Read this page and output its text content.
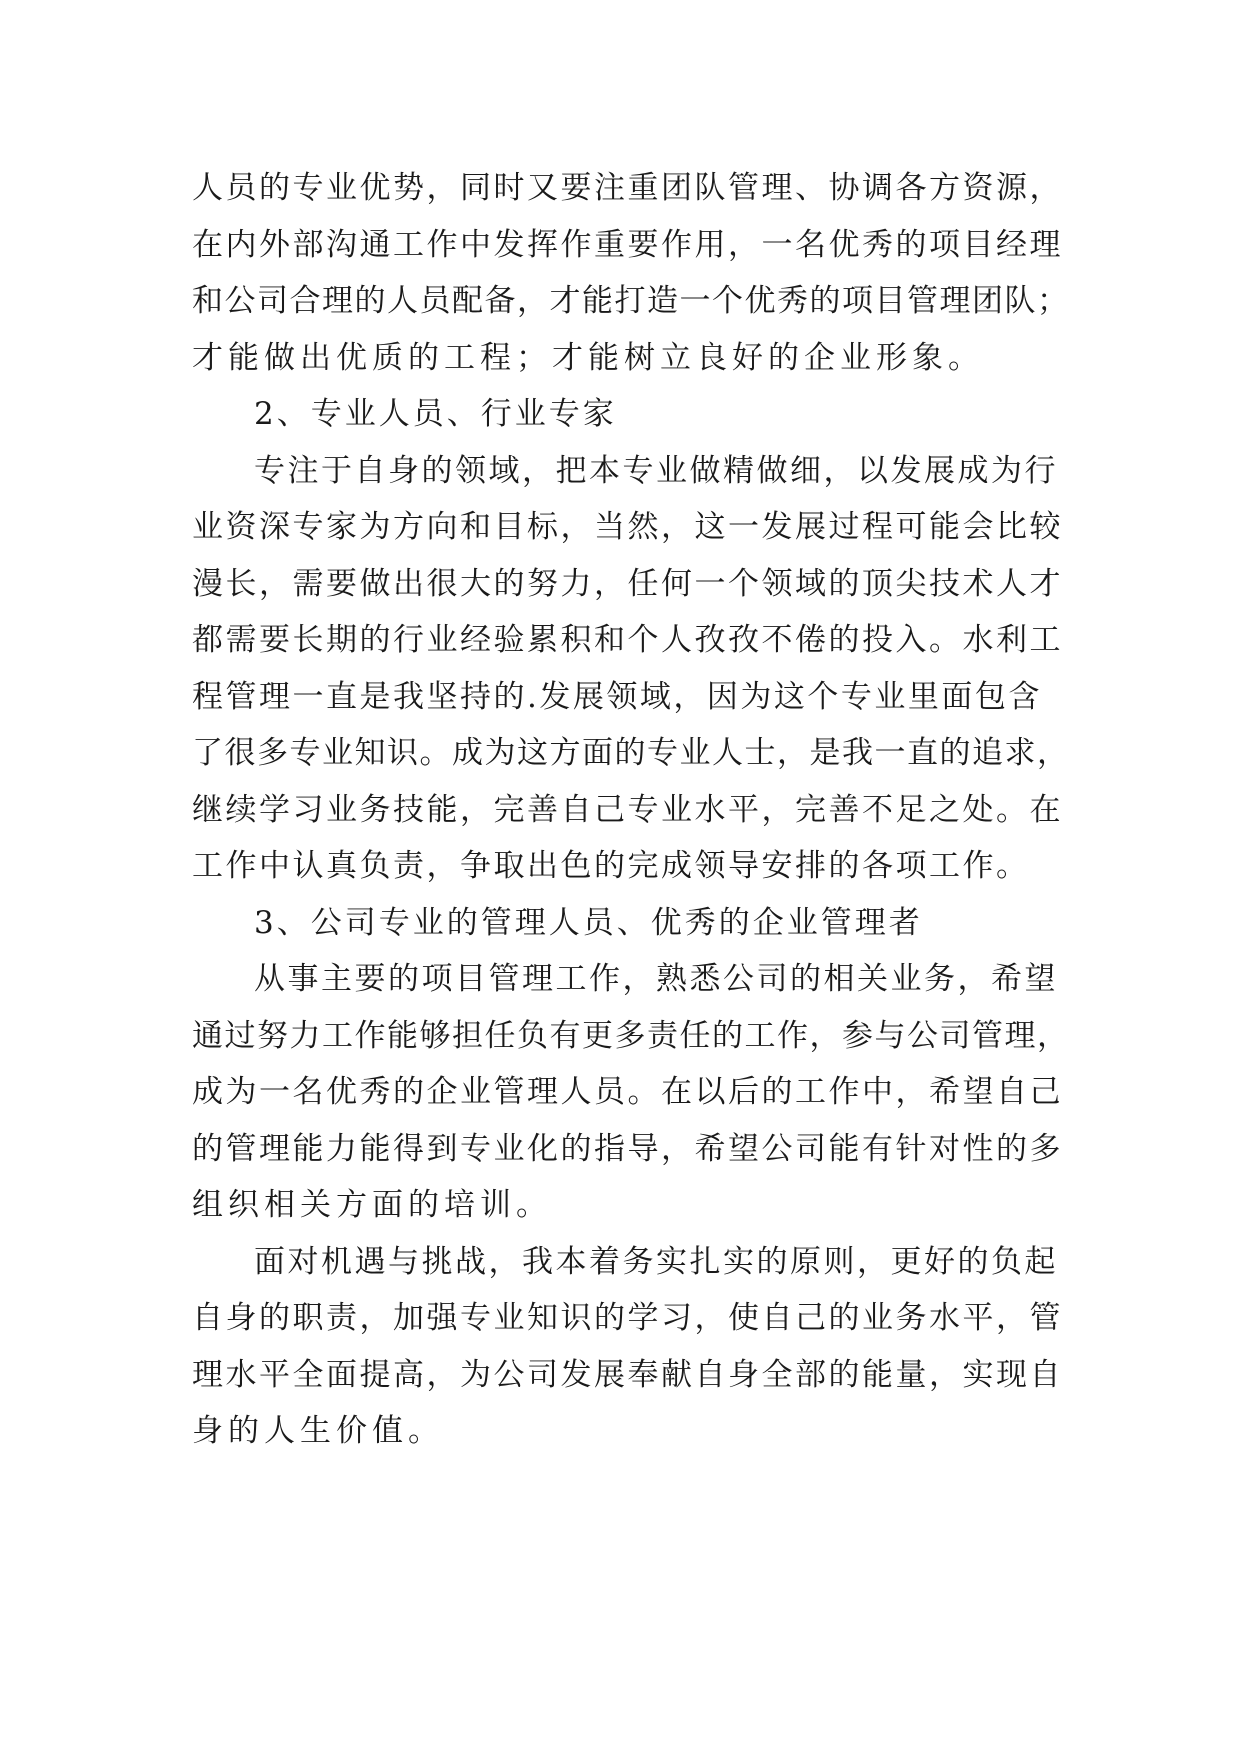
人员的专业优势，同时又要注重团队管理、协调各方资源，
在内外部沟通工作中发挥作重要作用，一名优秀的项目经理
和公司合理的人员配备，才能打造一个优秀的项目管理团队；
才能做出优质的工程；才能树立良好的企业形象。
2、专业人员、行业专家
专注于自身的领域，把本专业做精做细，以发展成为行
业资深专家为方向和目标，当然，这一发展过程可能会比较
漫长，需要做出很大的努力，任何一个领域的顶尖技术人才
都需要长期的行业经验累积和个人孜孜不倦的投入。水利工
程管理一直是我坚持的.发展领域，因为这个专业里面包含
了很多专业知识。成为这方面的专业人士，是我一直的追求，
继续学习业务技能，完善自己专业水平，完善不足之处。在
工作中认真负责，争取出色的完成领导安排的各项工作。
3、公司专业的管理人员、优秀的企业管理者
从事主要的项目管理工作，熟悉公司的相关业务，希望
通过努力工作能够担任负有更多责任的工作，参与公司管理，
成为一名优秀的企业管理人员。在以后的工作中，希望自己
的管理能力能得到专业化的指导，希望公司能有针对性的多
组织相关方面的培训。
面对机遇与挑战，我本着务实扎实的原则，更好的负起
自身的职责，加强专业知识的学习，使自己的业务水平，管
理水平全面提高，为公司发展奉献自身全部的能量，实现自
身的人生价值。
